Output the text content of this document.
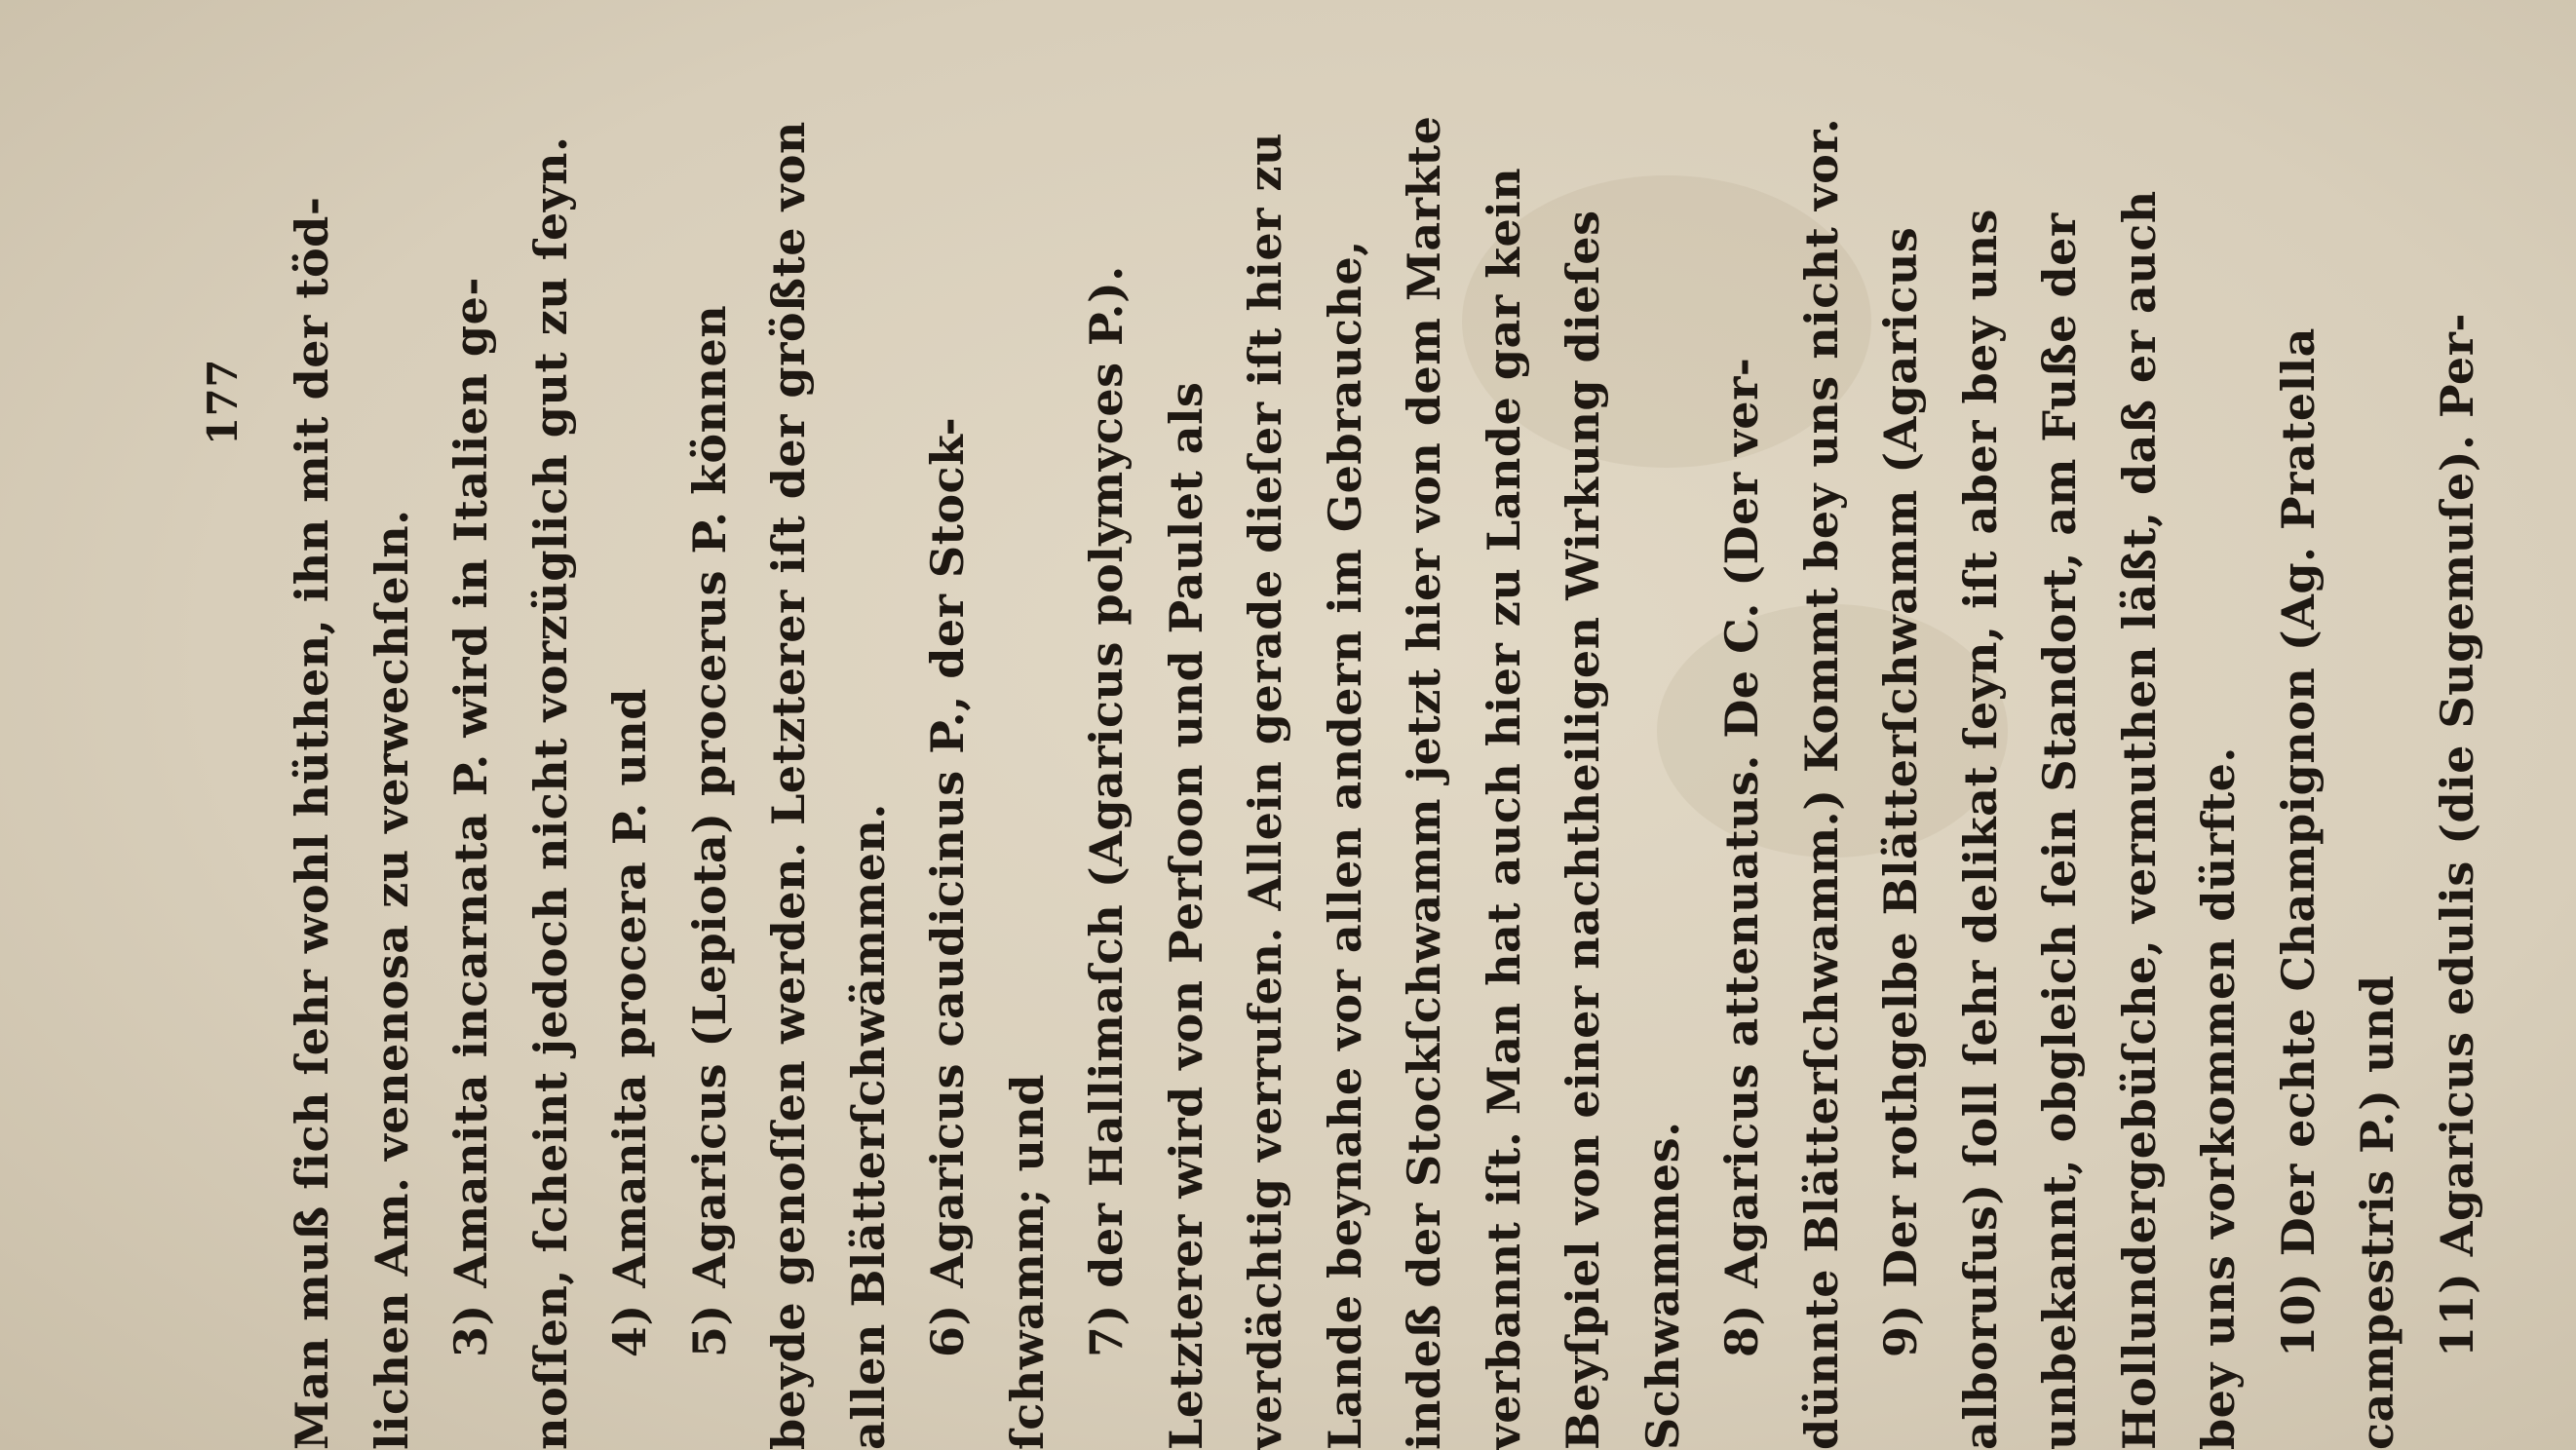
177 Man muß ſich ſehr wohl hüthen, ihn mit der töd- lichen Am. venenosa zu verwechſeln. 3) Amanita incarnata P. wird in Italien ge- noſſen, ſcheint jedoch nicht vorzüglich gut zu ſeyn. 4) Amanita procera P. und 5) Agaricus (Lepiota) procerus P. können beyde genoſſen werden. Letzterer iſt der größte von allen Blätterſchwämmen. 6) Agaricus caudicinus P., der Stock- ſchwamm; und 7) der Hallimaſch (Agaricus polymyces P.). Letzterer wird von Perſoon und Paulet als verdächtig verrufen. Allein gerade dieſer iſt hier zu Lande beynahe vor allen andern im Gebrauche, indeß der Stockſchwamm jetzt hier von dem Markte verbannt iſt. Man hat auch hier zu Lande gar kein Beyſpiel von einer nachtheiligen Wirkung dieſes Schwammes. 8) Agaricus attenuatus. De C. (Der ver- dünnte Blätterſchwamm.) Kommt bey uns nicht vor. 9) Der rothgelbe Blätterſchwamm (Agaricus alborufus) ſoll ſehr delikat ſeyn, iſt aber bey uns unbekannt, obgleich ſein Standort, am Fuße der Hollundergebüſche, vermuthen läßt, daß er auch bey uns vorkommen dürfte. 10) Der echte Champignon (Ag. Pratella campestris P.) und 11) Agaricus edulis (die Sugemuſe). Per-
